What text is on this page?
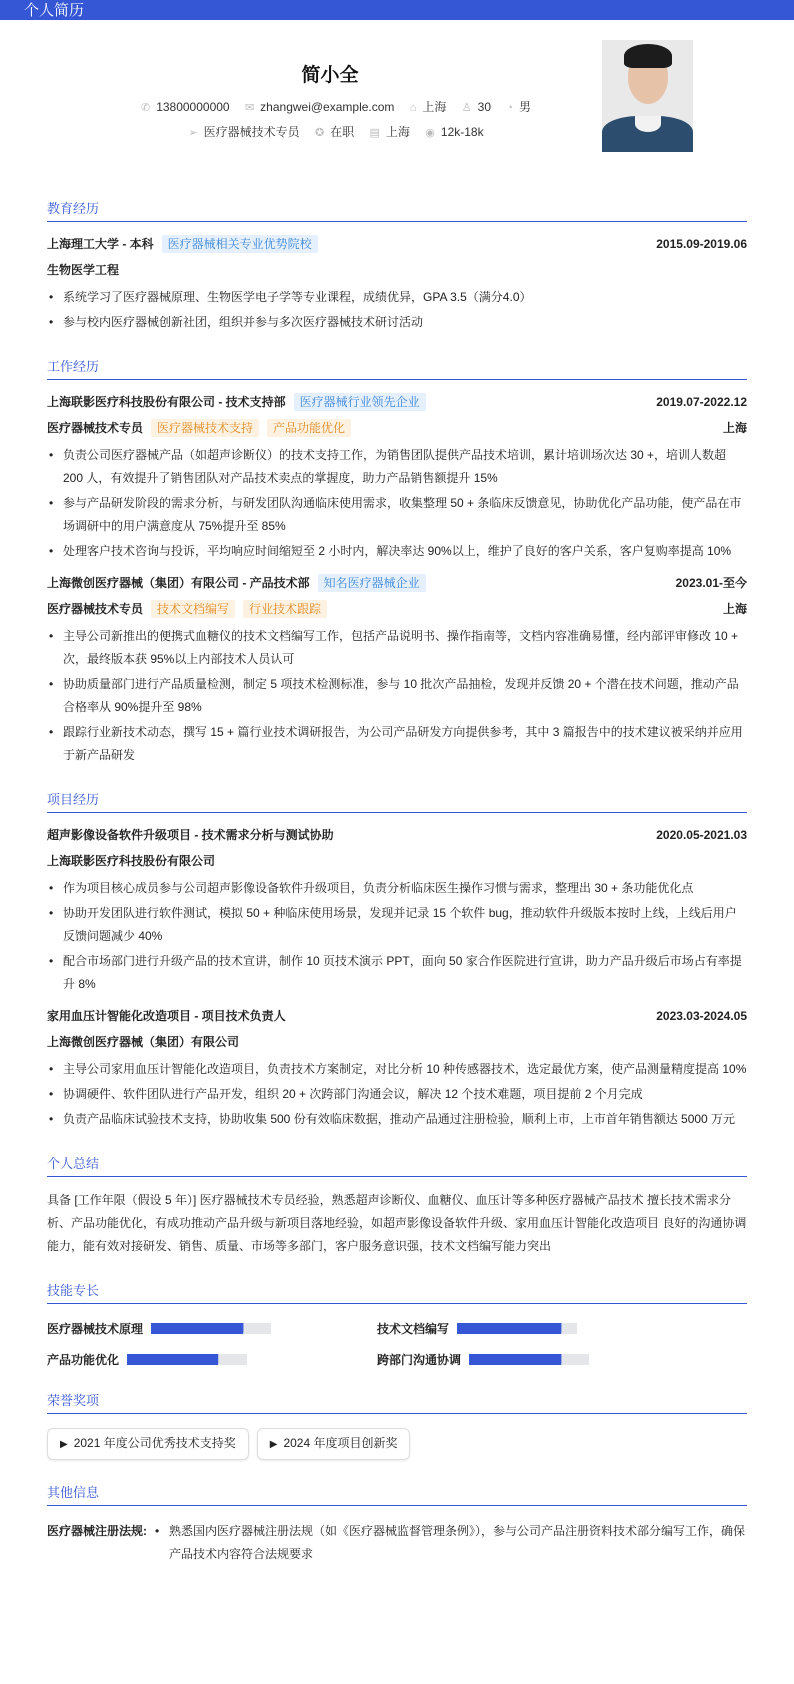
个人简历
简小全
✆ 13800000000 ✉ zhangwei@example.com ⌂ 上海 ♙ 30 ◔ 男
➢ 医疗器械技术专员 ✪ 在职 ▤ 上海 ◉ 12k-18k
教育经历
上海理工大学 - 本科	医疗器械相关专业优势院校	2015.09-2019.06
生物医学工程
• 系统学习了医疗器械原理、生物医学电子学等专业课程，成绩优异，GPA 3.5（满分4.0）
• 参与校内医疗器械创新社团，组织并参与多次医疗器械技术研讨活动
工作经历
上海联影医疗科技股份有限公司 - 技术支持部	医疗器械行业领先企业	2019.07-2022.12
医疗器械技术专员	医疗器械技术支持	产品功能优化	上海
• 负责公司医疗器械产品（如超声诊断仪）的技术支持工作，为销售团队提供产品技术培训，累计培训场次达 30 +，培训人数超 200 人，有效提升了销售团队对产品技术卖点的掌握度，助力产品销售额提升 15%
• 参与产品研发阶段的需求分析，与研发团队沟通临床使用需求，收集整理 50 + 条临床反馈意见，协助优化产品功能，使产品在市场调研中的用户满意度从 75%提升至 85%
• 处理客户技术咨询与投诉，平均响应时间缩短至 2 小时内，解决率达 90%以上，维护了良好的客户关系，客户复购率提高 10%
上海微创医疗器械（集团）有限公司 - 产品技术部	知名医疗器械企业	2023.01-至今
医疗器械技术专员	技术文档编写	行业技术跟踪	上海
• 主导公司新推出的便携式血糖仪的技术文档编写工作，包括产品说明书、操作指南等，文档内容准确易懂，经内部评审修改 10 + 次，最终版本获 95%以上内部技术人员认可
• 协助质量部门进行产品质量检测，制定 5 项技术检测标准，参与 10 批次产品抽检，发现并反馈 20 + 个潜在技术问题，推动产品合格率从 90%提升至 98%
• 跟踪行业新技术动态，撰写 15 + 篇行业技术调研报告，为公司产品研发方向提供参考，其中 3 篇报告中的技术建议被采纳并应用于新产品研发
项目经历
超声影像设备软件升级项目 - 技术需求分析与测试协助	2020.05-2021.03
上海联影医疗科技股份有限公司
• 作为项目核心成员参与公司超声影像设备软件升级项目，负责分析临床医生操作习惯与需求，整理出 30 + 条功能优化点
• 协助开发团队进行软件测试，模拟 50 + 种临床使用场景，发现并记录 15 个软件 bug，推动软件升级版本按时上线，上线后用户反馈问题减少 40%
• 配合市场部门进行升级产品的技术宣讲，制作 10 页技术演示 PPT，面向 50 家合作医院进行宣讲，助力产品升级后市场占有率提升 8%
家用血压计智能化改造项目 - 项目技术负责人	2023.03-2024.05
上海微创医疗器械（集团）有限公司
• 主导公司家用血压计智能化改造项目，负责技术方案制定，对比分析 10 种传感器技术，选定最优方案，使产品测量精度提高 10%
• 协调硬件、软件团队进行产品开发，组织 20 + 次跨部门沟通会议，解决 12 个技术难题，项目提前 2 个月完成
• 负责产品临床试验技术支持，协助收集 500 份有效临床数据，推动产品通过注册检验，顺利上市，上市首年销售额达 5000 万元
个人总结
具备 [工作年限（假设 5 年）] 医疗器械技术专员经验，熟悉超声诊断仪、血糖仪、血压计等多种医疗器械产品技术 擅长技术需求分析、产品功能优化，有成功推动产品升级与新项目落地经验，如超声影像设备软件升级、家用血压计智能化改造项目 良好的沟通协调能力，能有效对接研发、销售、质量、市场等多部门，客户服务意识强，技术文档编写能力突出
技能专长
医疗器械技术原理	技术文档编写
产品功能优化	跨部门沟通协调
荣誉奖项
▶ 2021 年度公司优秀技术支持奖	▶ 2024 年度项目创新奖
其他信息
医疗器械注册法规:	• 熟悉国内医疗器械注册法规（如《医疗器械监督管理条例》），参与公司产品注册资料技术部分编写工作，确保产品技术内容符合法规要求
